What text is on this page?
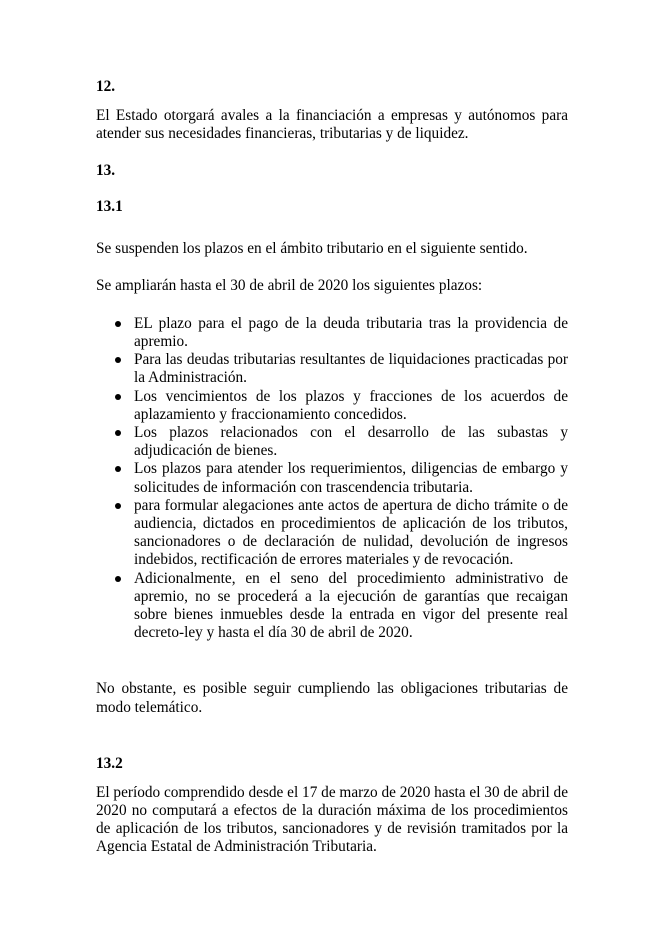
12.

El Estado otorgará avales a la financiación a empresas y autónomos para atender sus necesidades financieras, tributarias y de liquidez.

13.

13.1

Se suspenden los plazos en el ámbito tributario en el siguiente sentido.

Se ampliarán hasta el 30 de abril de 2020 los siguientes plazos:

EL plazo para el pago de la deuda tributaria tras la providencia de apremio.
Para las deudas tributarias resultantes de liquidaciones practicadas por la Administración.
Los vencimientos de los plazos y fracciones de los acuerdos de aplazamiento y fraccionamiento concedidos.
Los plazos relacionados con el desarrollo de las subastas y adjudicación de bienes.
Los plazos para atender los requerimientos, diligencias de embargo y solicitudes de información con trascendencia tributaria.
para formular alegaciones ante actos de apertura de dicho trámite o de audiencia, dictados en procedimientos de aplicación de los tributos, sancionadores o de declaración de nulidad, devolución de ingresos indebidos, rectificación de errores materiales y de revocación.
Adicionalmente, en el seno del procedimiento administrativo de apremio, no se procederá a la ejecución de garantías que recaigan sobre bienes inmuebles desde la entrada en vigor del presente real decreto-ley y hasta el día 30 de abril de 2020.

No obstante, es posible seguir cumpliendo las obligaciones tributarias de modo telemático.

13.2

El período comprendido desde el 17 de marzo de 2020 hasta el 30 de abril de 2020 no computará a efectos de la duración máxima de los procedimientos de aplicación de los tributos, sancionadores y de revisión tramitados por la Agencia Estatal de Administración Tributaria.
